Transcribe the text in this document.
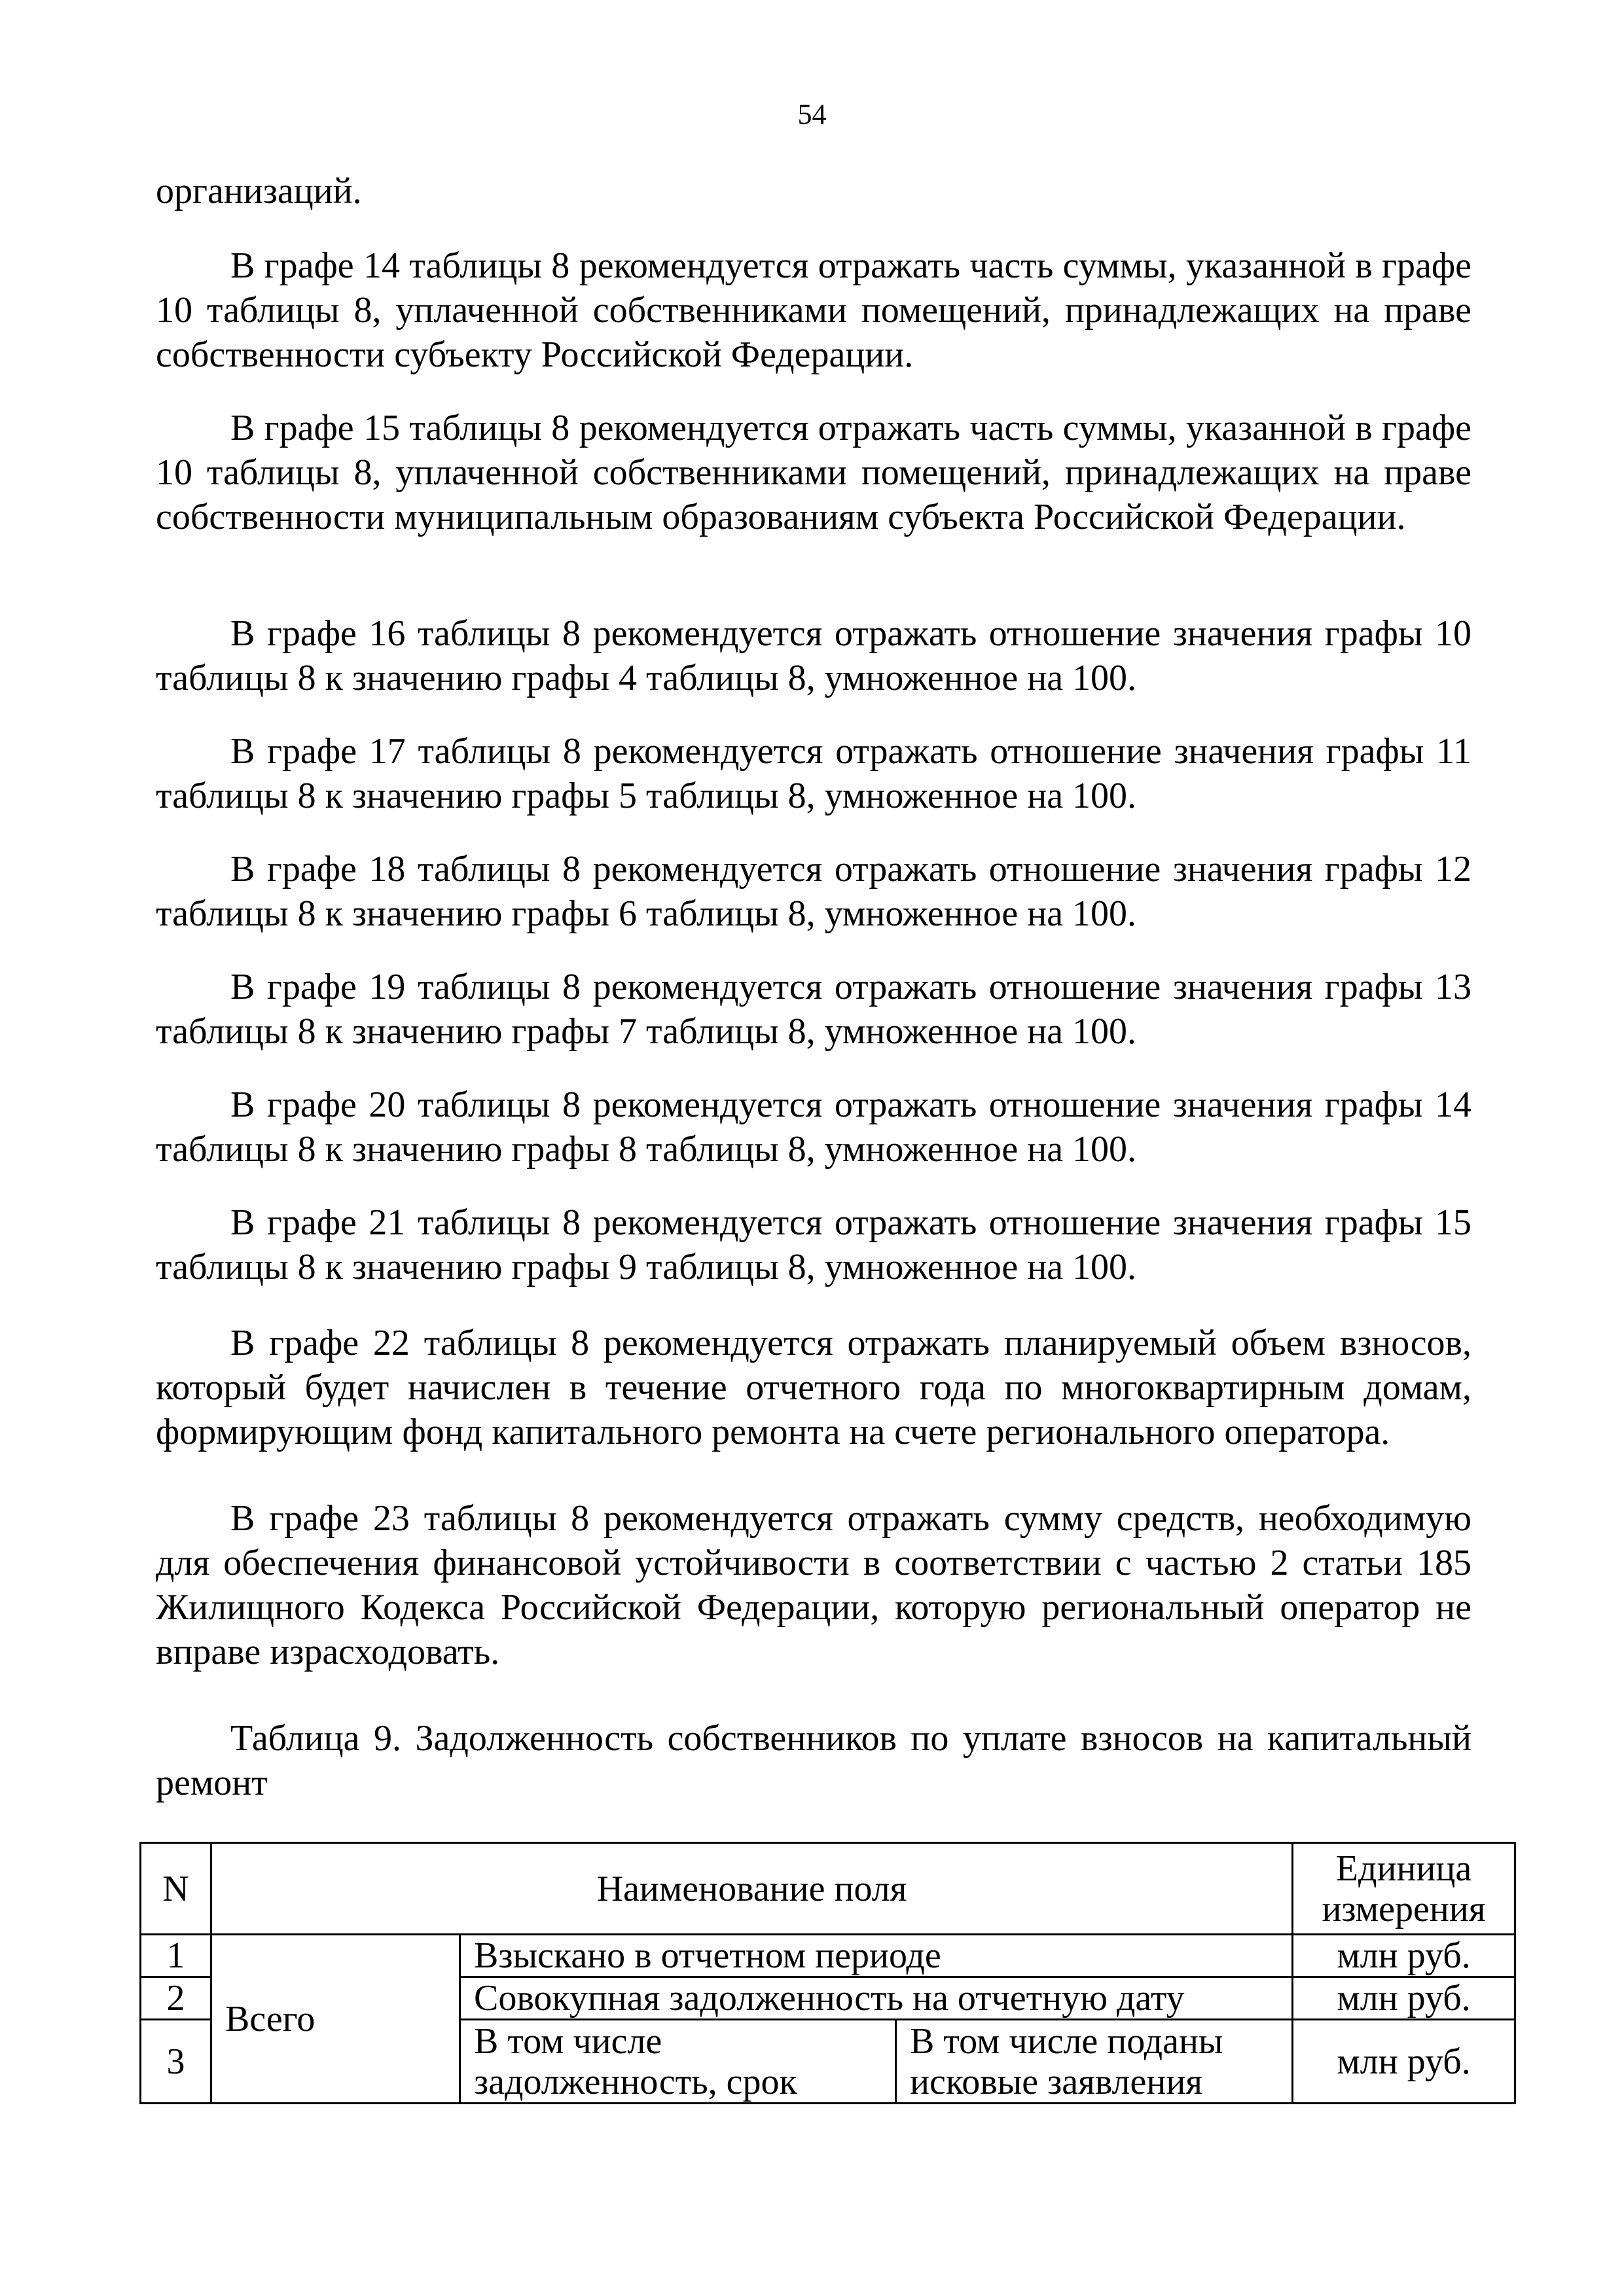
54

организаций.

В графе 14 таблицы 8 рекомендуется отражать часть суммы, указанной в графе 10 таблицы 8, уплаченной собственниками помещений, принадлежащих на праве собственности субъекту Российской Федерации.

В графе 15 таблицы 8 рекомендуется отражать часть суммы, указанной в графе 10 таблицы 8, уплаченной собственниками помещений, принадлежащих на праве собственности муниципальным образованиям субъекта Российской Федерации.

В графе 16 таблицы 8 рекомендуется отражать отношение значения графы 10 таблицы 8 к значению графы 4 таблицы 8, умноженное на 100.

В графе 17 таблицы 8 рекомендуется отражать отношение значения графы 11 таблицы 8 к значению графы 5 таблицы 8, умноженное на 100.

В графе 18 таблицы 8 рекомендуется отражать отношение значения графы 12 таблицы 8 к значению графы 6 таблицы 8, умноженное на 100.

В графе 19 таблицы 8 рекомендуется отражать отношение значения графы 13 таблицы 8 к значению графы 7 таблицы 8, умноженное на 100.

В графе 20 таблицы 8 рекомендуется отражать отношение значения графы 14 таблицы 8 к значению графы 8 таблицы 8, умноженное на 100.

В графе 21 таблицы 8 рекомендуется отражать отношение значения графы 15 таблицы 8 к значению графы 9 таблицы 8, умноженное на 100.

В графе 22 таблицы 8 рекомендуется отражать планируемый объем взносов, который будет начислен в течение отчетного года по многоквартирным домам, формирующим фонд капитального ремонта на счете регионального оператора.

В графе 23 таблицы 8 рекомендуется отражать сумму средств, необходимую для обеспечения финансовой устойчивости в соответствии с частью 2 статьи 185 Жилищного Кодекса Российской Федерации, которую региональный оператор не вправе израсходовать.

Таблица 9. Задолженность собственников по уплате взносов на капитальный ремонт

N	Наименование поля			Единица измерения
1	Всего	Взыскано в отчетном периоде		млн руб.
2		Совокупная задолженность на отчетную дату		млн руб.
3		В том числе задолженность, срок	В том числе поданы исковые заявления	млн руб.
